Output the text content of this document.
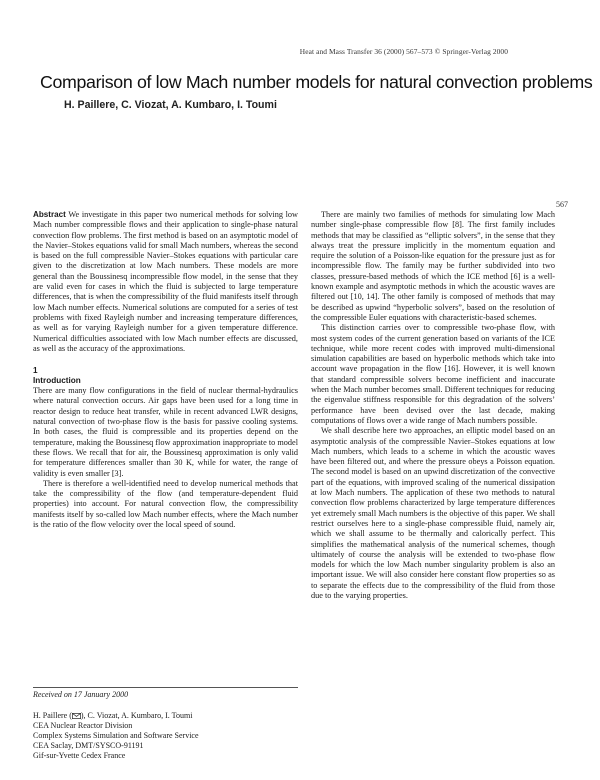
Heat and Mass Transfer 36 (2000) 567–573 © Springer-Verlag 2000
Comparison of low Mach number models for natural convection problems
H. Paillere, C. Viozat, A. Kumbaro, I. Toumi
567

Abstract We investigate in this paper two numerical methods for solving low Mach number compressible flows and their application to single-phase natural convection flow problems. The first method is based on an asymptotic model of the Navier–Stokes equations valid for small Mach numbers, whereas the second is based on the full compressible Navier–Stokes equations with particular care given to the discretization at low Mach numbers. These models are more general than the Boussinesq incompressible flow model, in the sense that they are valid even for cases in which the fluid is subjected to large temperature differences, that is when the compressibility of the fluid manifests itself through low Mach number effects. Numerical solutions are computed for a series of test problems with fixed Rayleigh number and increasing temperature differences, as well as for varying Rayleigh number for a given temperature difference. Numerical difficulties associated with low Mach number effects are discussed, as well as the accuracy of the approximations.

1
Introduction

There are many flow configurations in the field of nuclear thermal-hydraulics where natural convection occurs. Air gaps have been used for a long time in reactor design to reduce heat transfer, while in recent advanced LWR designs, natural convection of two-phase flow is the basis for passive cooling systems. In both cases, the fluid is compressible and its properties depend on the temperature, making the Boussinesq flow approximation inappropriate to model these flows. We recall that for air, the Boussinesq approximation is only valid for temperature differences smaller than 30 K, while for water, the range of validity is even smaller [3].

There is therefore a well-identified need to develop numerical methods that take the compressibility of the flow (and temperature-dependent fluid properties) into account. For natural convection flow, the compressibility manifests itself by so-called low Mach number effects, where the Mach number is the ratio of the flow velocity over the local speed of sound.

There are mainly two families of methods for simulating low Mach number single-phase compressible flow [8]. The first family includes methods that may be classified as “elliptic solvers”, in the sense that they always treat the pressure implicitly in the momentum equation and require the solution of a Poisson-like equation for the pressure just as for incompressible flow. The family may be further subdivided into two classes, pressure-based methods of which the ICE method [6] is a well-known example and asymptotic methods in which the acoustic waves are filtered out [10, 14]. The other family is composed of methods that may be described as upwind “hyperbolic solvers”, based on the resolution of the compressible Euler equations with characteristic-based schemes.

This distinction carries over to compressible two-phase flow, with most system codes of the current generation based on variants of the ICE technique, while more recent codes with improved multi-dimensional simulation capabilities are based on hyperbolic methods which take into account wave propagation in the flow [16]. However, it is well known that standard compressible solvers become inefficient and inaccurate when the Mach number becomes small. Different techniques for reducing the eigenvalue stiffness responsible for this degradation of the solvers’ performance have been devised over the last decade, making computations of flows over a wide range of Mach numbers possible.

We shall describe here two approaches, an elliptic model based on an asymptotic analysis of the compressible Navier–Stokes equations at low Mach numbers, which leads to a scheme in which the acoustic waves have been filtered out, and where the pressure obeys a Poisson equation. The second model is based on an upwind discretization of the convective part of the equations, with improved scaling of the numerical dissipation at low Mach numbers. The application of these two methods to natural convection flow problems characterized by large temperature differences yet extremely small Mach numbers is the objective of this paper. We shall restrict ourselves here to a single-phase compressible fluid, namely air, which we shall assume to be thermally and calorically perfect. This simplifies the mathematical analysis of the numerical schemes, though ultimately of course the analysis will be extended to two-phase flow models for which the low Mach number singularity problem is also an important issue. We will also consider here constant flow properties so as to separate the effects due to the compressibility of the fluid from those due to the varying properties.

Received on 17 January 2000
H. Paillere ( ), C. Viozat, A. Kumbaro, I. Toumi
CEA Nuclear Reactor Division
Complex Systems Simulation and Software Service
CEA Saclay, DMT/SYSCO-91191
Gif-sur-Yvette Cedex France
